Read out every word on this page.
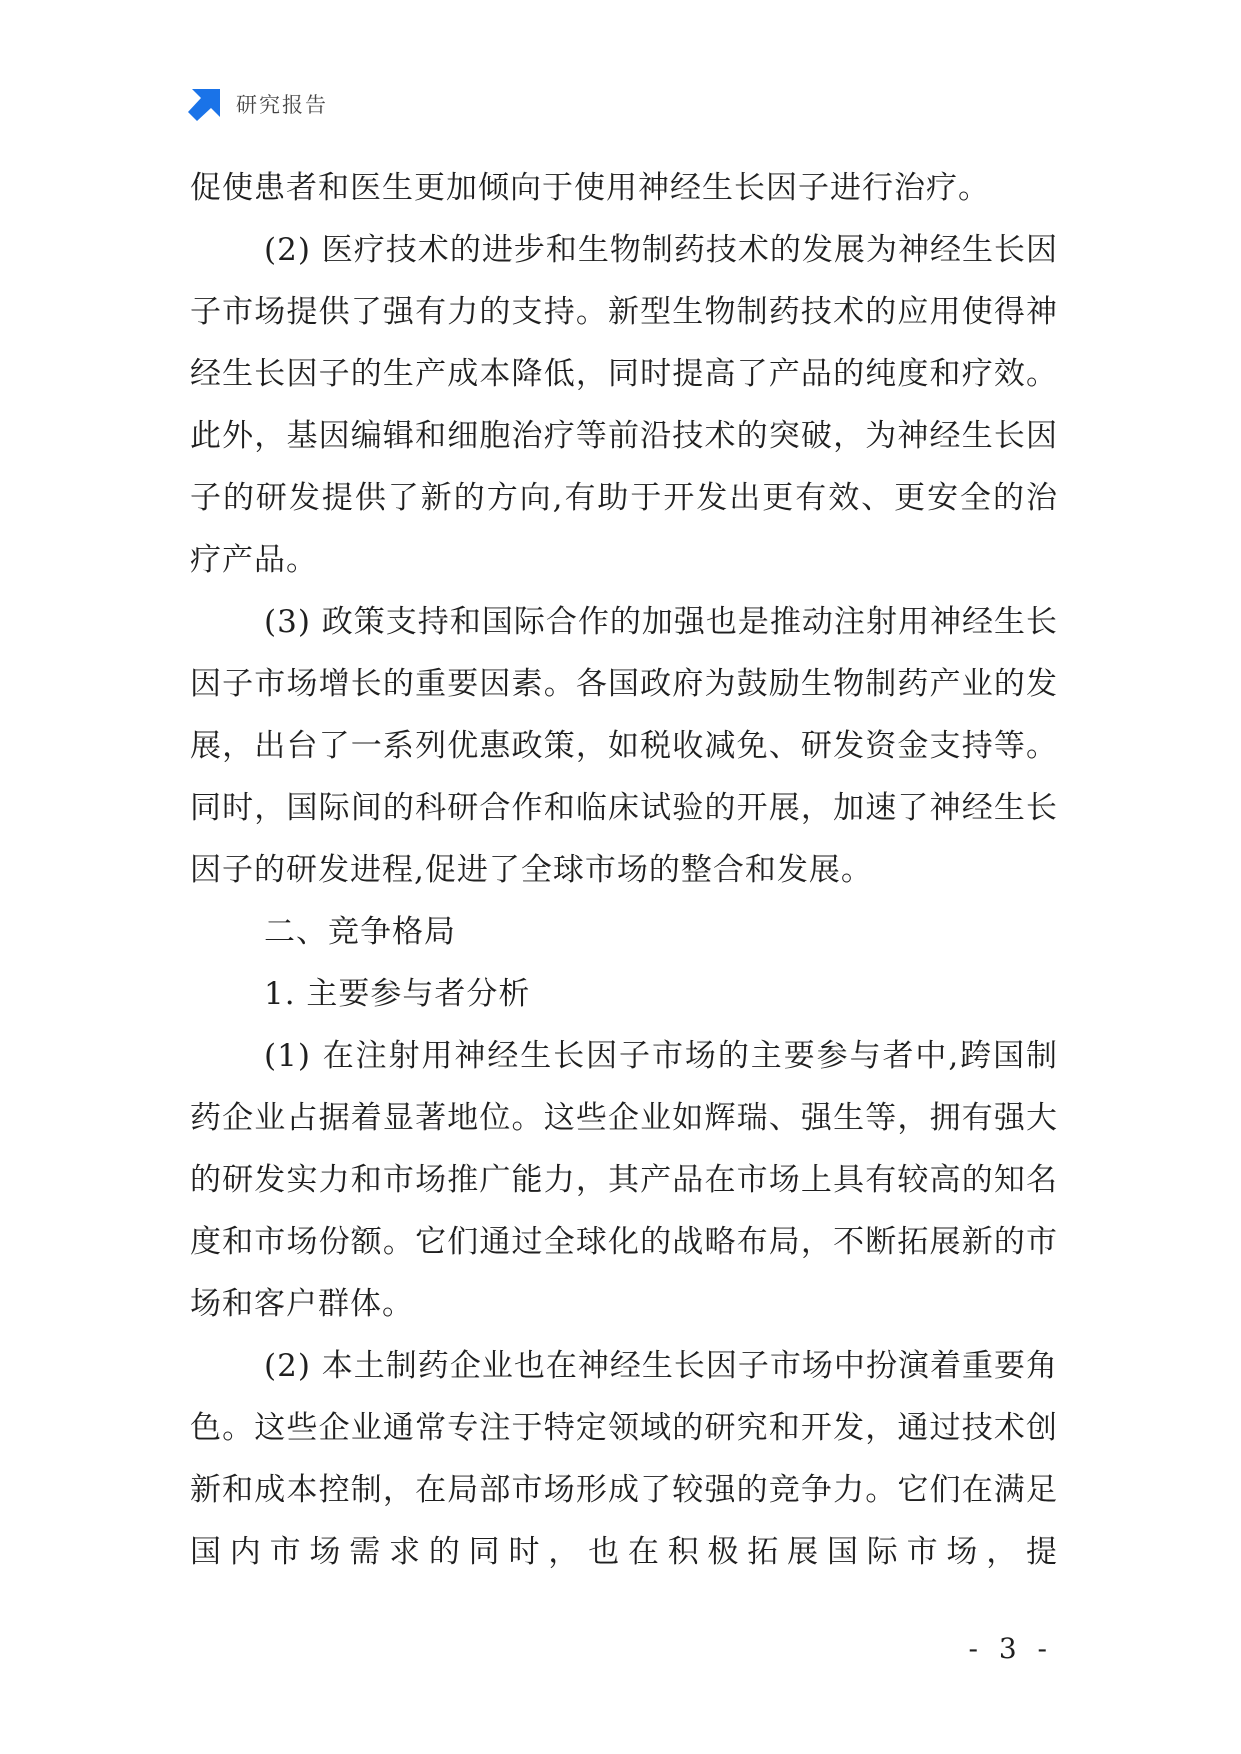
研究报告

促使患者和医生更加倾向于使用神经生长因子进行治疗。

(2) 医疗技术的进步和生物制药技术的发展为神经生长因子市场提供了强有力的支持。新型生物制药技术的应用使得神经生长因子的生产成本降低，同时提高了产品的纯度和疗效。此外，基因编辑和细胞治疗等前沿技术的突破，为神经生长因子的研发提供了新的方向,有助于开发出更有效、更安全的治疗产品。

(3) 政策支持和国际合作的加强也是推动注射用神经生长因子市场增长的重要因素。各国政府为鼓励生物制药产业的发展，出台了一系列优惠政策，如税收减免、研发资金支持等。同时，国际间的科研合作和临床试验的开展，加速了神经生长因子的研发进程,促进了全球市场的整合和发展。

二、竞争格局
1. 主要参与者分析

(1) 在注射用神经生长因子市场的主要参与者中,跨国制药企业占据着显著地位。这些企业如辉瑞、强生等，拥有强大的研发实力和市场推广能力，其产品在市场上具有较高的知名度和市场份额。它们通过全球化的战略布局，不断拓展新的市场和客户群体。

(2) 本土制药企业也在神经生长因子市场中扮演着重要角色。这些企业通常专注于特定领域的研究和开发，通过技术创新和成本控制，在局部市场形成了较强的竞争力。它们在满足国内市场需求的同时，也在积极拓展国际市场，提

- 3 -
